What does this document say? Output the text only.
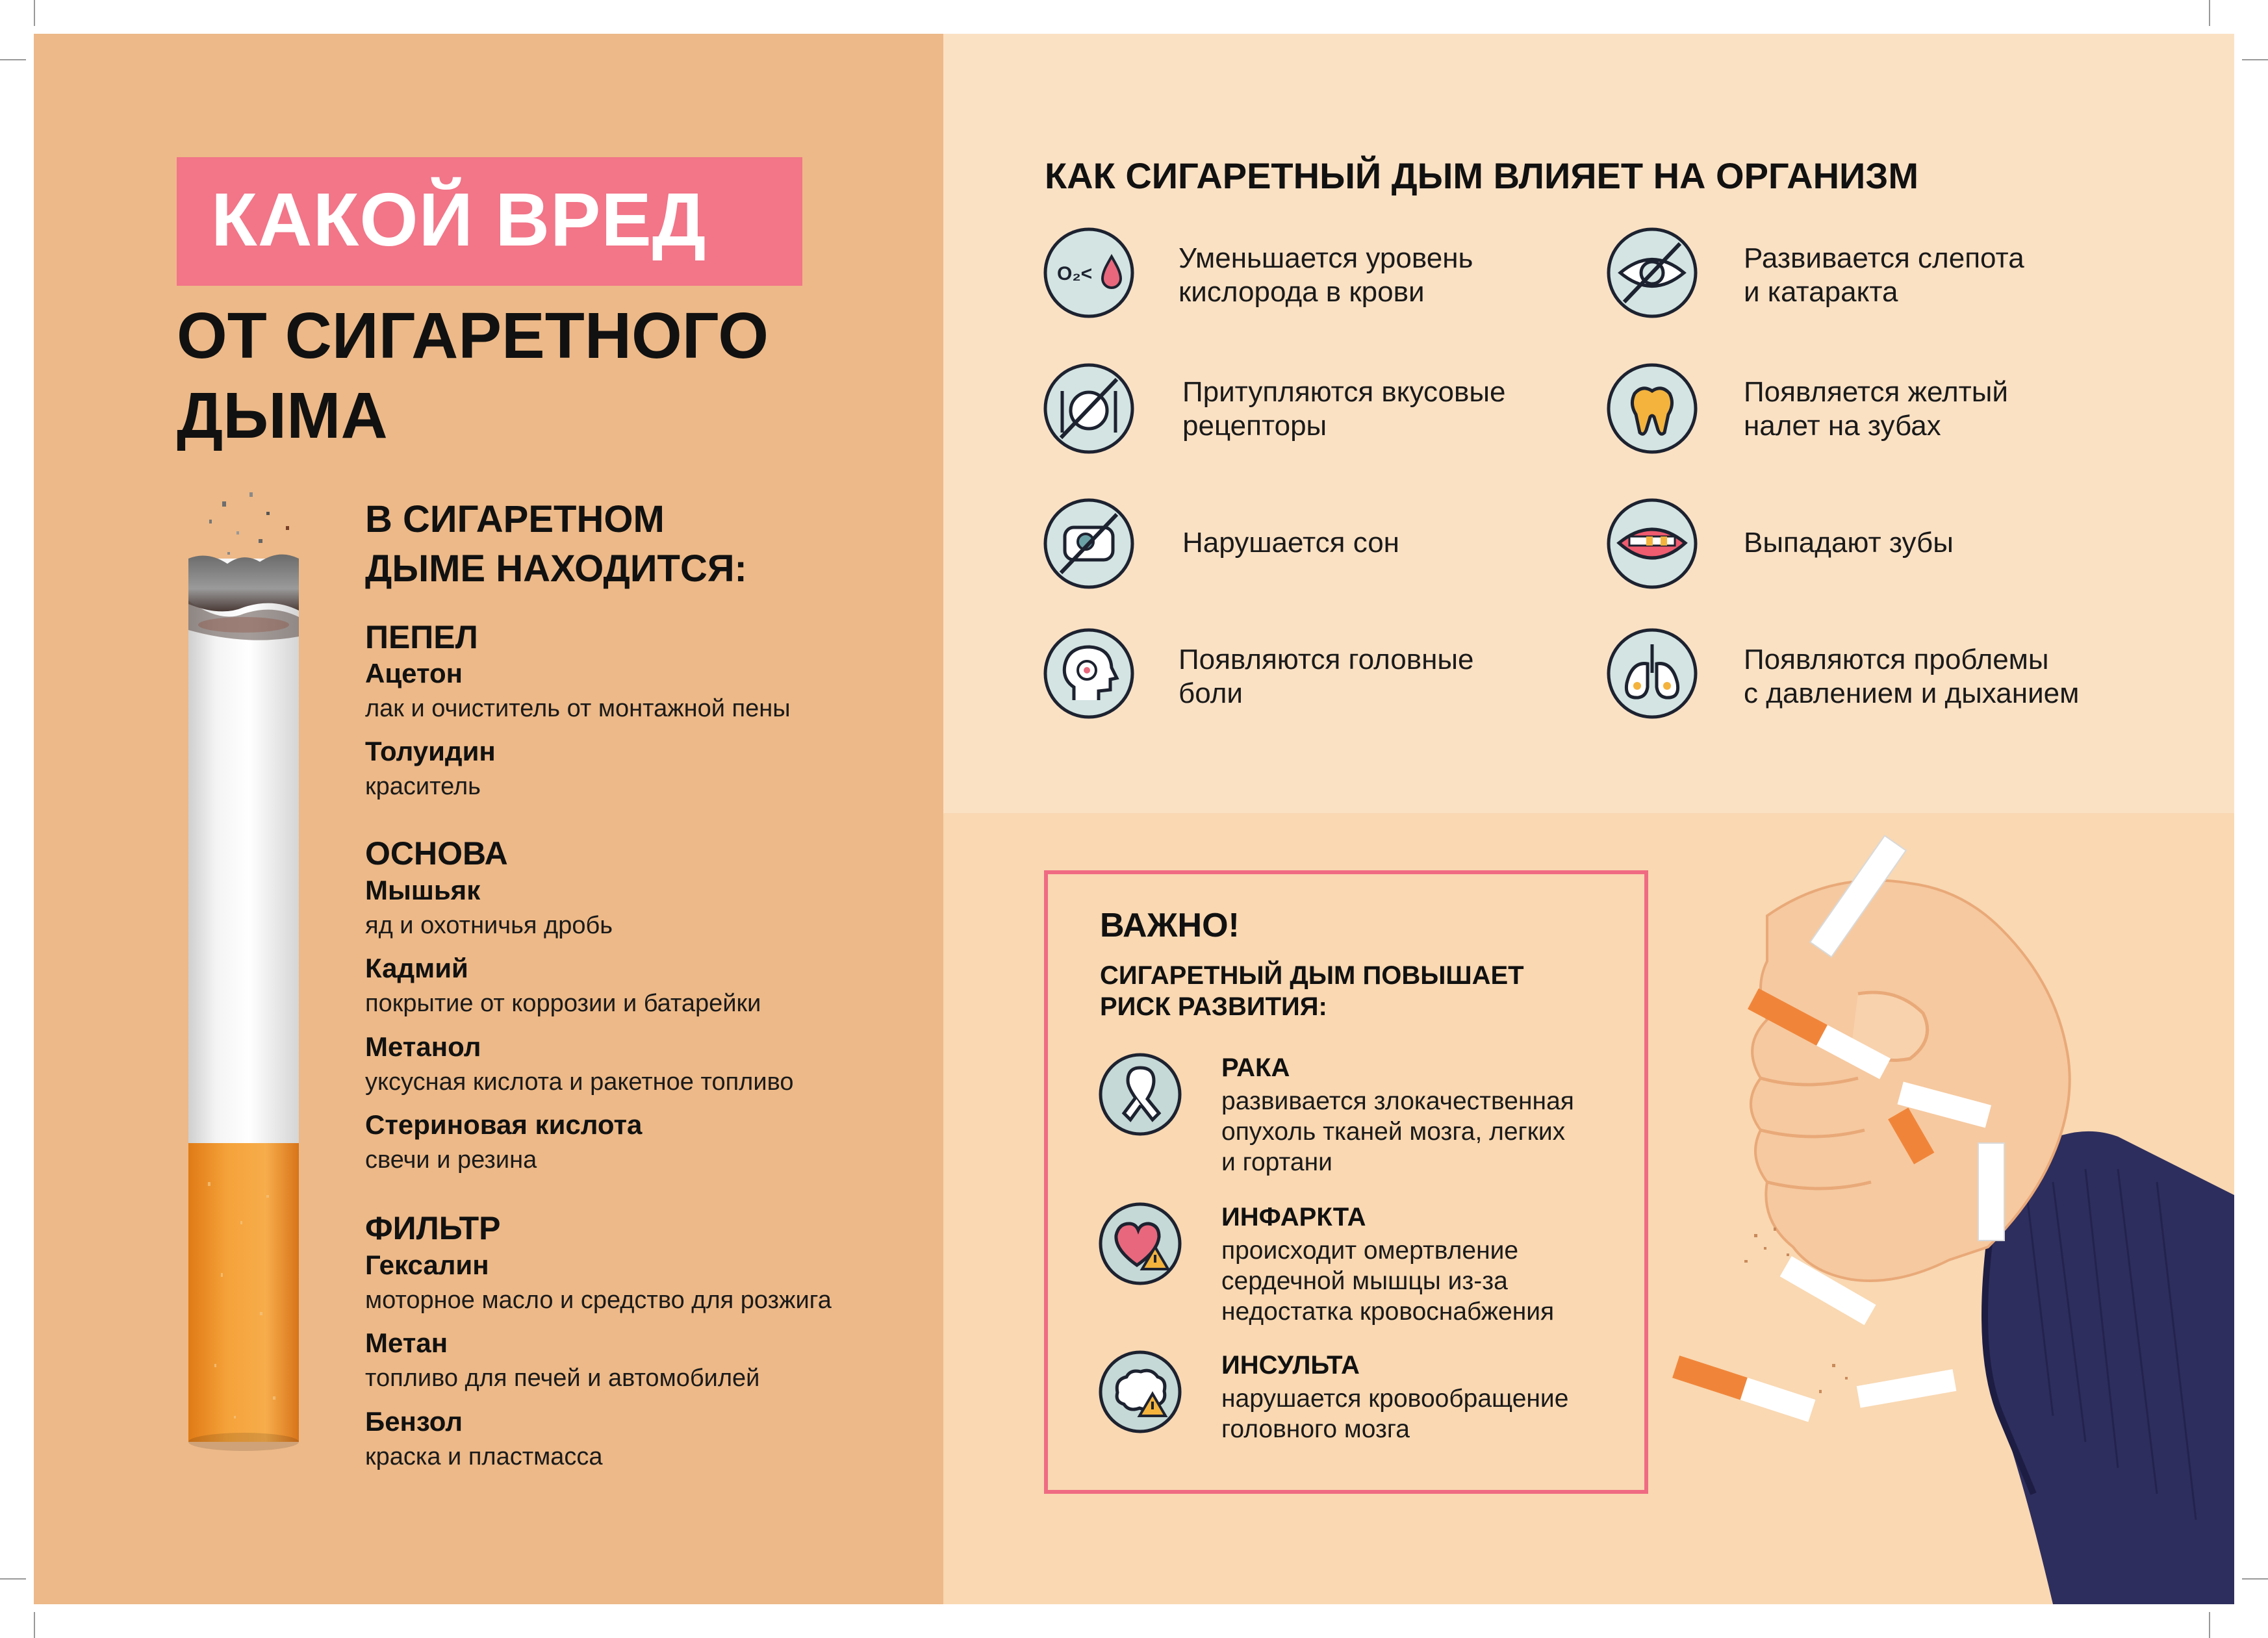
КАКОЙ ВРЕД
ОТ СИГАРЕТНОГО
ДЫМА
В СИГАРЕТНОМ
ДЫМЕ НАХОДИТСЯ:
ПЕПЕЛ
Ацетон
лак и очиститель от монтажной пены
Толуидин
краситель
ОСНОВА
Мышьяк
яд и охотничья дробь
Кадмий
покрытие от коррозии и батарейки
Метанол
уксусная кислота и ракетное топливо
Стериновая кислота
свечи и резина
ФИЛЬТР
Гексалин
моторное масло и средство для розжига
Метан
топливо для печей и автомобилей
Бензол
краска и пластмасса
КАК СИГАРЕТНЫЙ ДЫМ ВЛИЯЕТ НА ОРГАНИЗМ
O₂<	Уменьшается уровень
кислорода в крови
Развивается слепота
и катаракта
Притупляются вкусовые
рецепторы
Появляется желтый
налет на зубах
Нарушается сон	Выпадают зубы
Появляются головные
боли
Появляются проблемы
с давлением и дыханием
ВАЖНО!
СИГАРЕТНЫЙ ДЫМ ПОВЫШАЕТ
РИСК РАЗВИТИЯ:
РАКА
развивается злокачественная
опухоль тканей мозга, легких
и гортани
ИНФАРКТА
происходит омертвление
сердечной мышцы из-за
недостатка кровоснабжения
ИНСУЛЬТА
нарушается кровообращение
головного мозга
